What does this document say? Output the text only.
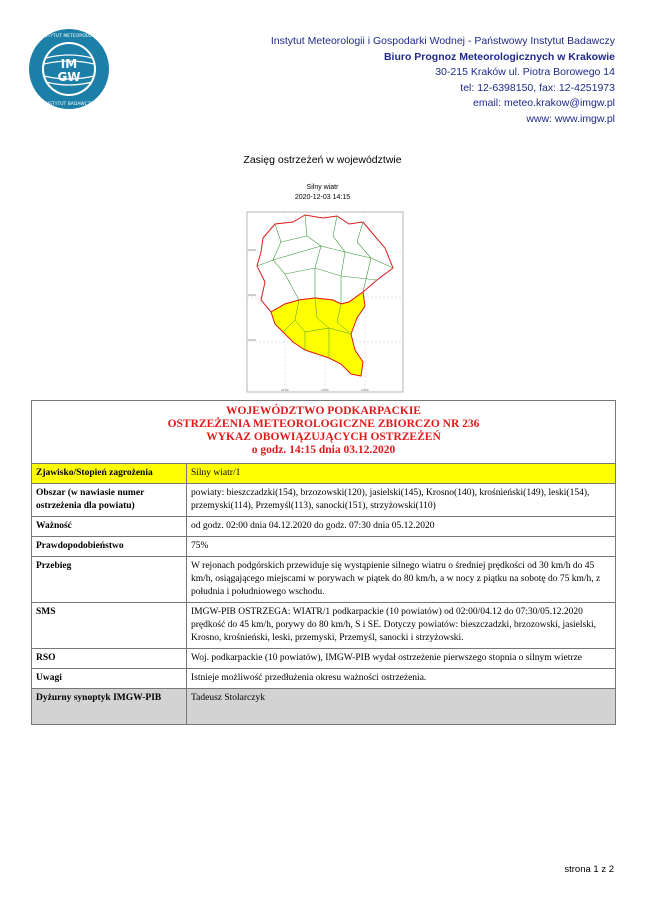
IM
GW
INSTYTUT METEOROLOGII
INSTYTUT BADAWCZY
Instytut Meteorologii i Gospodarki Wodnej - Państwowy Instytut Badawczy
Biuro Prognoz Meteorologicznych w Krakowie
30-215 Kraków ul. Piotra Borowego 14
tel: 12-6398150, fax: 12-4251973
email: meteo.krakow@imgw.pl
www: www.imgw.pl
Zasięg ostrzeżeń w województwie
Silny wiatr
2020-12-03 14:15
5000
5000
5000
2100	2200	2300
WOJEWÓDZTWO PODKARPACKIE
OSTRZEŻENIA METEOROLOGICZNE ZBIORCZO NR 236
WYKAZ OBOWIĄZUJĄCYCH OSTRZEŻEŃ
o godz. 14:15 dnia 03.12.2020	

Zjawisko/Stopień zagrożenia	Silny wiatr/1
Obszar (w nawiasie numer ostrzeżenia dla powiatu)	powiaty: bieszczadzki(154), brzozowski(120), jasielski(145), Krosno(140), krośnieński(149), leski(154), przemyski(114), Przemyśl(113), sanocki(151), strzyżowski(110)
Ważność	od godz. 02:00 dnia 04.12.2020 do godz. 07:30 dnia 05.12.2020
Prawdopodobieństwo	75%
Przebieg	W rejonach podgórskich przewiduje się wystąpienie silnego wiatru o średniej prędkości od 30 km/h do 45 km/h, osiągającego miejscami w porywach w piątek do 80 km/h, a w nocy z piątku na sobotę do 75 km/h, z południa i południowego wschodu.
SMS	IMGW-PIB OSTRZEGA: WIATR/1 podkarpackie (10 powiatów) od 02:00/04.12 do 07:30/05.12.2020 prędkość do 45 km/h, porywy do 80 km/h, S i SE. Dotyczy powiatów: bieszczadzki, brzozowski, jasielski, Krosno, krośnieński, leski, przemyski, Przemyśl, sanocki i strzyżowski.
RSO	Woj. podkarpackie (10 powiatów), IMGW-PIB wydał ostrzeżenie pierwszego stopnia o silnym wietrze
Uwagi	Istnieje możliwość przedłużenia okresu ważności ostrzeżenia.
Dyżurny synoptyk IMGW-PIB	Tadeusz Stolarczyk
strona 1 z 2
